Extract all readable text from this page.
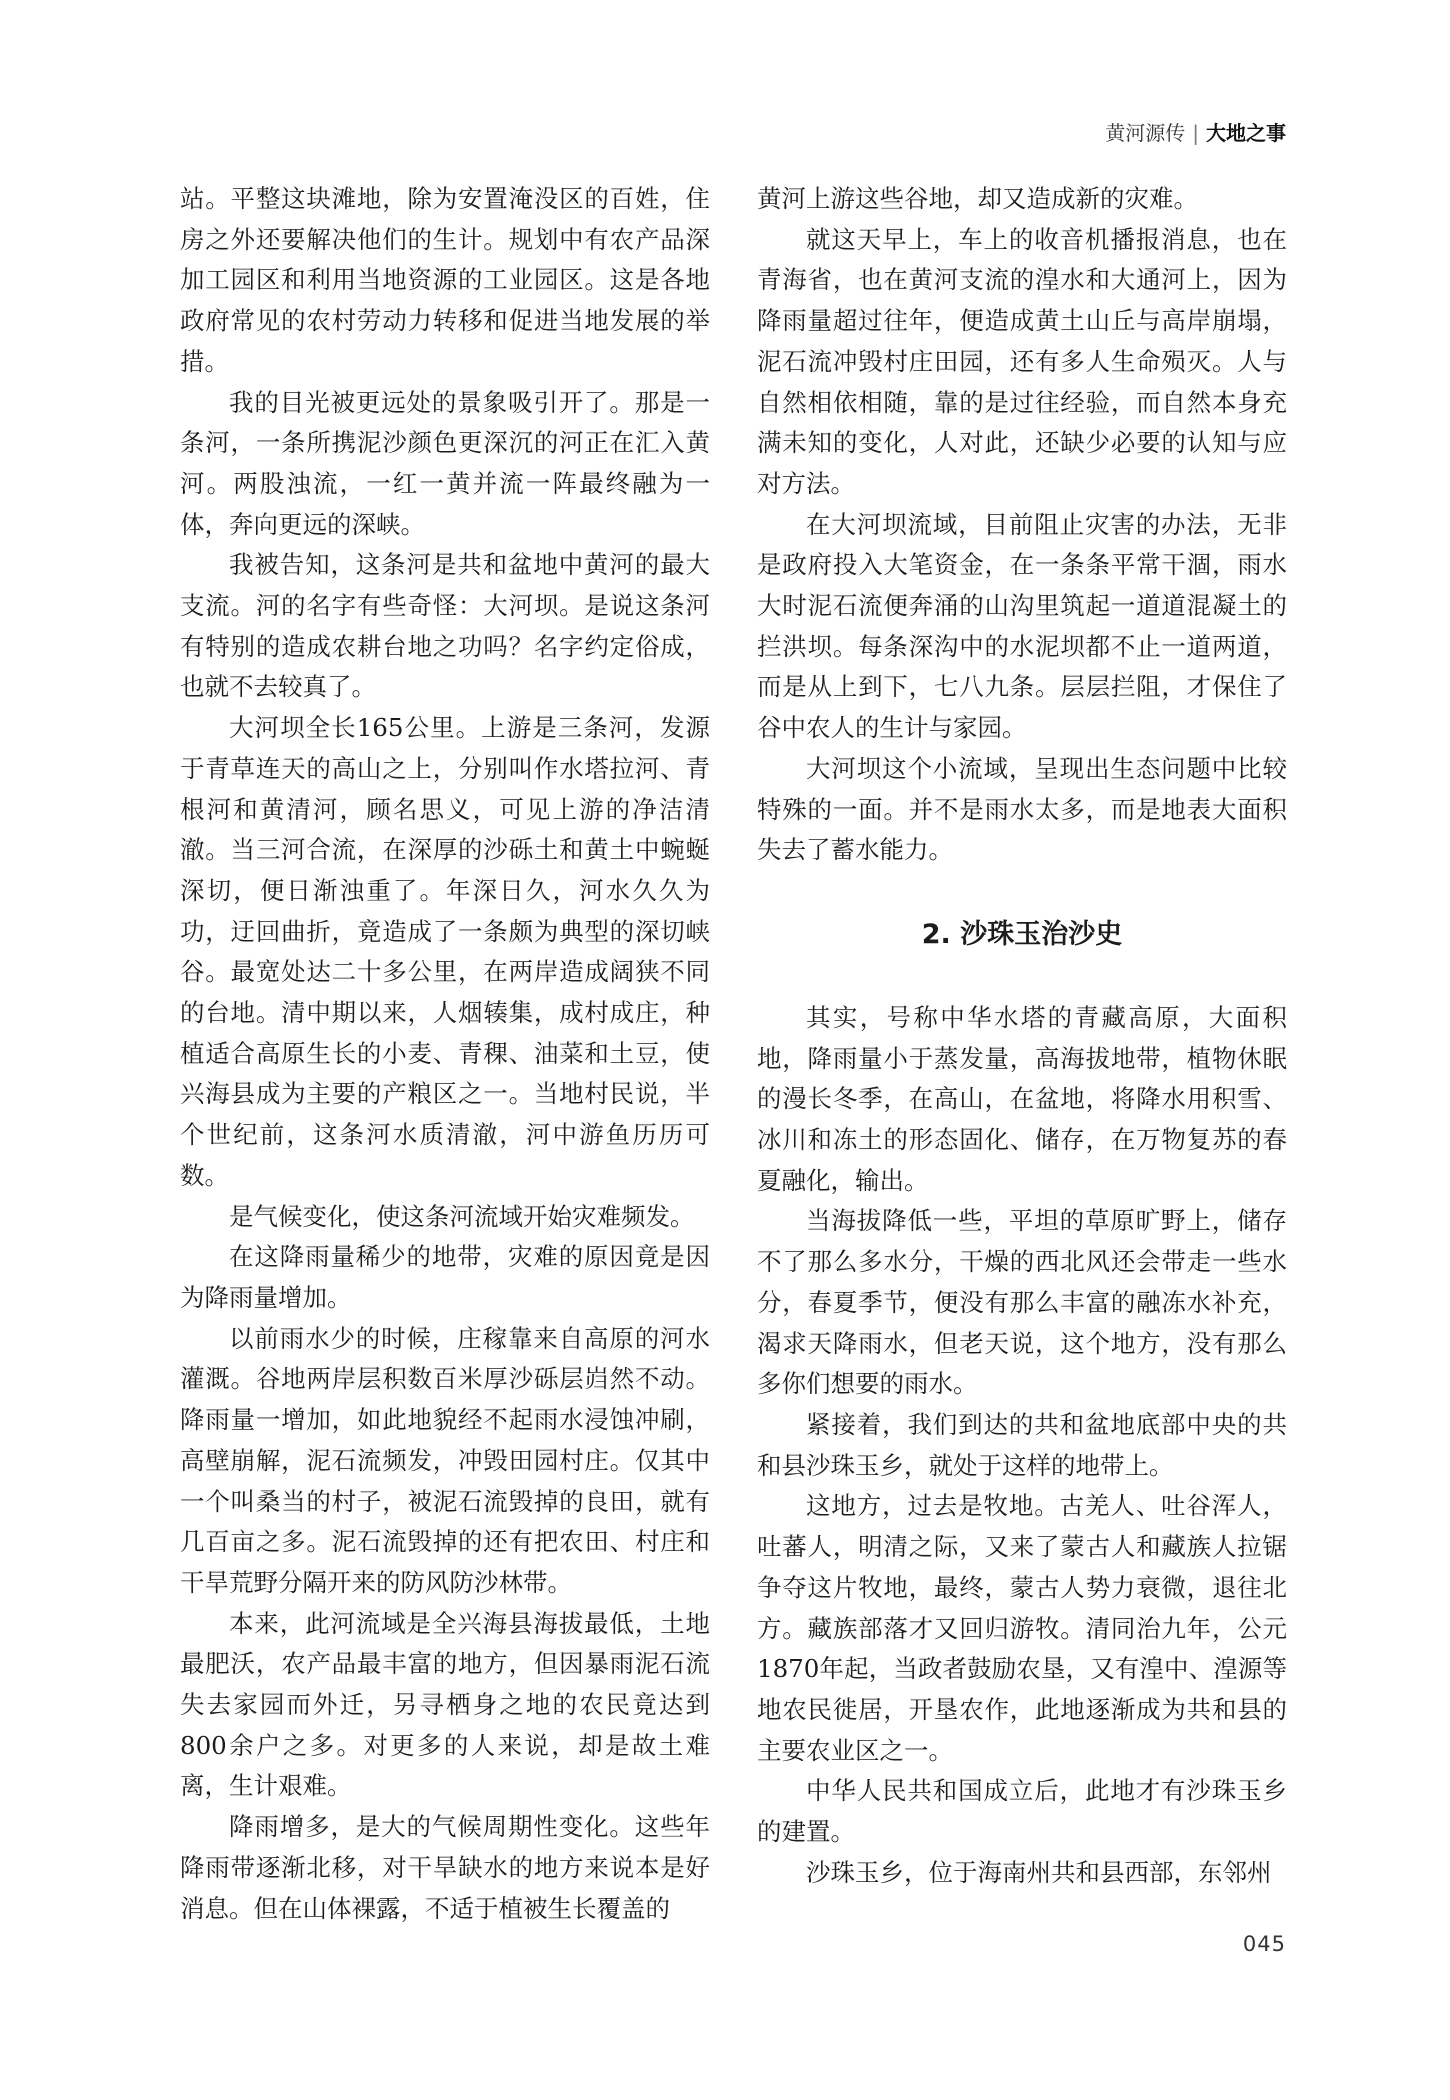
黄河源传 | 大地之事

站。平整这块滩地，除为安置淹没区的百姓，住房之外还要解决他们的生计。规划中有农产品深加工园区和利用当地资源的工业园区。这是各地政府常见的农村劳动力转移和促进当地发展的举措。

我的目光被更远处的景象吸引开了。那是一条河，一条所携泥沙颜色更深沉的河正在汇入黄河。两股浊流，一红一黄并流一阵最终融为一体，奔向更远的深峡。

我被告知，这条河是共和盆地中黄河的最大支流。河的名字有些奇怪：大河坝。是说这条河有特别的造成农耕台地之功吗？名字约定俗成，也就不去较真了。

大河坝全长165公里。上游是三条河，发源于青草连天的高山之上，分别叫作水塔拉河、青根河和黄清河，顾名思义，可见上游的净洁清澈。当三河合流，在深厚的沙砾土和黄土中蜿蜒深切，便日渐浊重了。年深日久，河水久久为功，迂回曲折，竟造成了一条颇为典型的深切峡谷。最宽处达二十多公里，在两岸造成阔狭不同的台地。清中期以来，人烟辏集，成村成庄，种植适合高原生长的小麦、青稞、油菜和土豆，使兴海县成为主要的产粮区之一。当地村民说，半个世纪前，这条河水质清澈，河中游鱼历历可数。

是气候变化，使这条河流域开始灾难频发。

在这降雨量稀少的地带，灾难的原因竟是因为降雨量增加。

以前雨水少的时候，庄稼靠来自高原的河水灌溉。谷地两岸层积数百米厚沙砾层岿然不动。降雨量一增加，如此地貌经不起雨水浸蚀冲刷，高壁崩解，泥石流频发，冲毁田园村庄。仅其中一个叫桑当的村子，被泥石流毁掉的良田，就有几百亩之多。泥石流毁掉的还有把农田、村庄和干旱荒野分隔开来的防风防沙林带。

本来，此河流域是全兴海县海拔最低，土地最肥沃，农产品最丰富的地方，但因暴雨泥石流失去家园而外迁，另寻栖身之地的农民竟达到800余户之多。对更多的人来说，却是故土难离，生计艰难。

降雨增多，是大的气候周期性变化。这些年降雨带逐渐北移，对干旱缺水的地方来说本是好消息。但在山体裸露，不适于植被生长覆盖的

黄河上游这些谷地，却又造成新的灾难。

就这天早上，车上的收音机播报消息，也在青海省，也在黄河支流的湟水和大通河上，因为降雨量超过往年，便造成黄土山丘与高岸崩塌，泥石流冲毁村庄田园，还有多人生命殒灭。人与自然相依相随，靠的是过往经验，而自然本身充满未知的变化，人对此，还缺少必要的认知与应对方法。

在大河坝流域，目前阻止灾害的办法，无非是政府投入大笔资金，在一条条平常干涸，雨水大时泥石流便奔涌的山沟里筑起一道道混凝土的拦洪坝。每条深沟中的水泥坝都不止一道两道，而是从上到下，七八九条。层层拦阻，才保住了谷中农人的生计与家园。

大河坝这个小流域，呈现出生态问题中比较特殊的一面。并不是雨水太多，而是地表大面积失去了蓄水能力。

2. 沙珠玉治沙史

其实，号称中华水塔的青藏高原，大面积地，降雨量小于蒸发量，高海拔地带，植物休眠的漫长冬季，在高山，在盆地，将降水用积雪、冰川和冻土的形态固化、储存，在万物复苏的春夏融化，输出。

当海拔降低一些，平坦的草原旷野上，储存不了那么多水分，干燥的西北风还会带走一些水分，春夏季节，便没有那么丰富的融冻水补充，渴求天降雨水，但老天说，这个地方，没有那么多你们想要的雨水。

紧接着，我们到达的共和盆地底部中央的共和县沙珠玉乡，就处于这样的地带上。

这地方，过去是牧地。古羌人、吐谷浑人，吐蕃人，明清之际，又来了蒙古人和藏族人拉锯争夺这片牧地，最终，蒙古人势力衰微，退往北方。藏族部落才又回归游牧。清同治九年，公元1870年起，当政者鼓励农垦，又有湟中、湟源等地农民徙居，开垦农作，此地逐渐成为共和县的主要农业区之一。

中华人民共和国成立后，此地才有沙珠玉乡的建置。

沙珠玉乡，位于海南州共和县西部，东邻州

045
